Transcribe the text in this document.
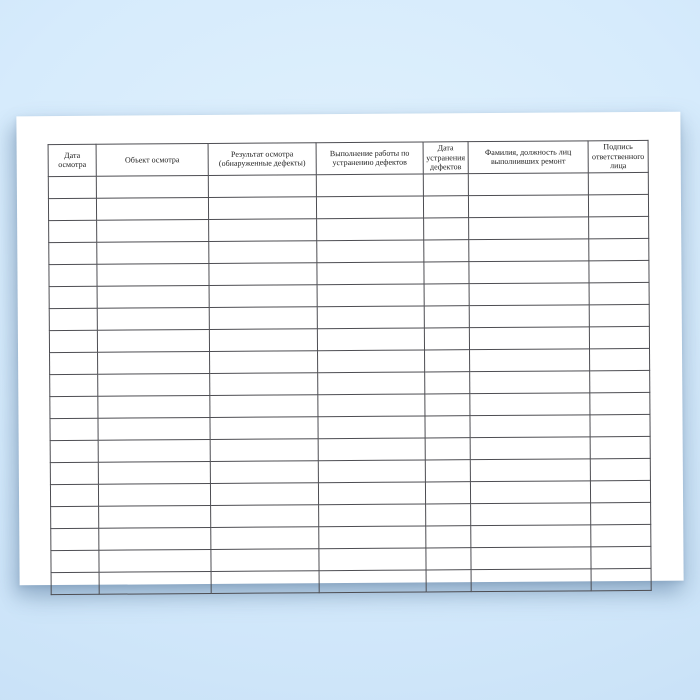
Дата осмотра	Объект осмотра	Результат осмотра (обнаруженные дефекты)	Выполнение работы по устранению дефектов	Дата устранения дефектов	Фамилия, должность лиц выполнивших ремонт	Подпись ответственного лица
